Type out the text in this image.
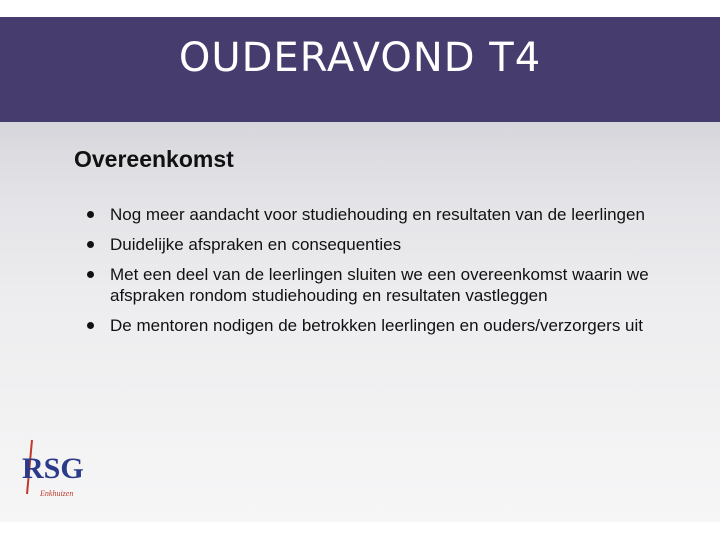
OUDERAVOND T4
Overeenkomst
Nog meer aandacht voor studiehouding en resultaten van de leerlingen
Duidelijke afspraken en consequenties
Met een deel van de leerlingen sluiten we een overeenkomst waarin we afspraken rondom studiehouding en resultaten vastleggen
De mentoren nodigen de betrokken leerlingen en ouders/verzorgers uit
RSG
Enkhuizen
